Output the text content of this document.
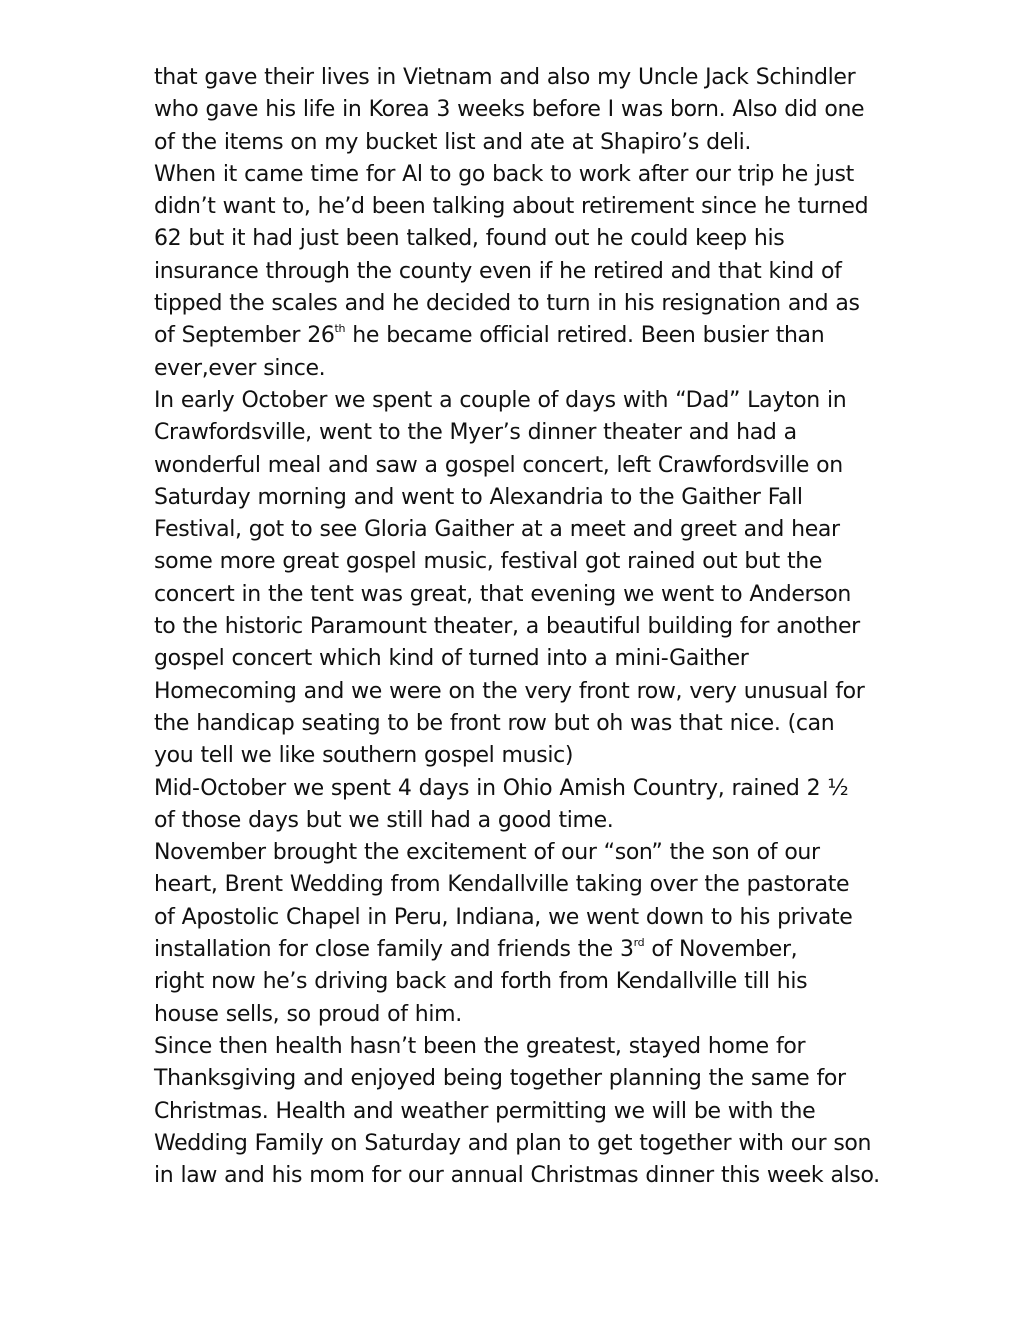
that gave their lives in Vietnam and also my Uncle Jack Schindler
who gave his life in Korea 3 weeks before I was born. Also did one
of the items on my bucket list and ate at Shapiro’s deli.
When it came time for Al to go back to work after our trip he just
didn’t want to, he’d been talking about retirement since he turned
62 but it had just been talked, found out he could keep his
insurance through the county even if he retired and that kind of
tipped the scales and he decided to turn in his resignation and as
of September 26th he became official retired. Been busier than
ever,ever since.
In early October we spent a couple of days with “Dad” Layton in
Crawfordsville, went to the Myer’s dinner theater and had a
wonderful meal and saw a gospel concert, left Crawfordsville on
Saturday morning and went to Alexandria to the Gaither Fall
Festival, got to see Gloria Gaither at a meet and greet and hear
some more great gospel music, festival got rained out but the
concert in the tent was great, that evening we went to Anderson
to the historic Paramount theater, a beautiful building for another
gospel concert which kind of turned into a mini-Gaither
Homecoming and we were on the very front row, very unusual for
the handicap seating to be front row but oh was that nice. (can
you tell we like southern gospel music)
Mid-October we spent 4 days in Ohio Amish Country, rained 2 ½
of those days but we still had a good time.
November brought the excitement of our “son” the son of our
heart, Brent Wedding from Kendallville taking over the pastorate
of Apostolic Chapel in Peru, Indiana, we went down to his private
installation for close family and friends the 3rd of November,
right now he’s driving back and forth from Kendallville till his
house sells, so proud of him.
Since then health hasn’t been the greatest, stayed home for
Thanksgiving and enjoyed being together planning the same for
Christmas. Health and weather permitting we will be with the
Wedding Family on Saturday and plan to get together with our son
in law and his mom for our annual Christmas dinner this week also.
